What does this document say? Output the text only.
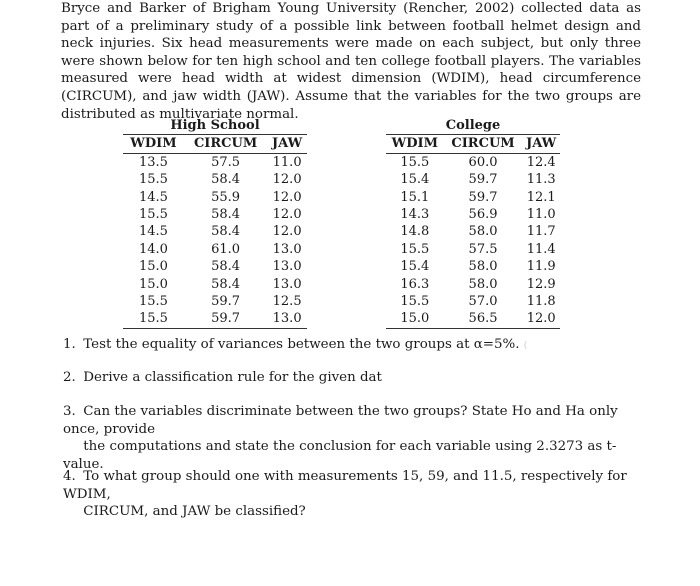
Bryce and Barker of Brigham Young University (Rencher, 2002) collected data as part of a preliminary study of a possible link between football helmet design and neck injuries. Six head measurements were made on each subject, but only three were shown below for ten high school and ten college football players. The variables measured were head width at widest dimension (WDIM), head circumference (CIRCUM), and jaw width (JAW). Assume that the variables for the two groups are distributed as multivariate normal.

High School		
WDIM	CIRCUM	JAW
13.5	57.5	11.0
15.5	58.4	12.0
14.5	55.9	12.0
15.5	58.4	12.0
14.5	58.4	12.0
14.0	61.0	13.0
15.0	58.4	13.0
15.0	58.4	13.0
15.5	59.7	12.5
15.5	59.7	13.0
College		
WDIM	CIRCUM	JAW
15.5	60.0	12.4
15.4	59.7	11.3
15.1	59.7	12.1
14.3	56.9	11.0
14.8	58.0	11.7
15.5	57.5	11.4
15.4	58.0	11.9
16.3	58.0	12.9
15.5	57.0	11.8
15.0	56.5	12.0

1. Test the equality of variances between the two groups at α=5%. (

2. Derive a classification rule for the given dat

3. Can the variables discriminate between the two groups? State Ho and Ha only once, provide
the computations and state the conclusion for each variable using 2.3273 as t-value.

4. To what group should one with measurements 15, 59, and 11.5, respectively for WDIM,
CIRCUM, and JAW be classified?
